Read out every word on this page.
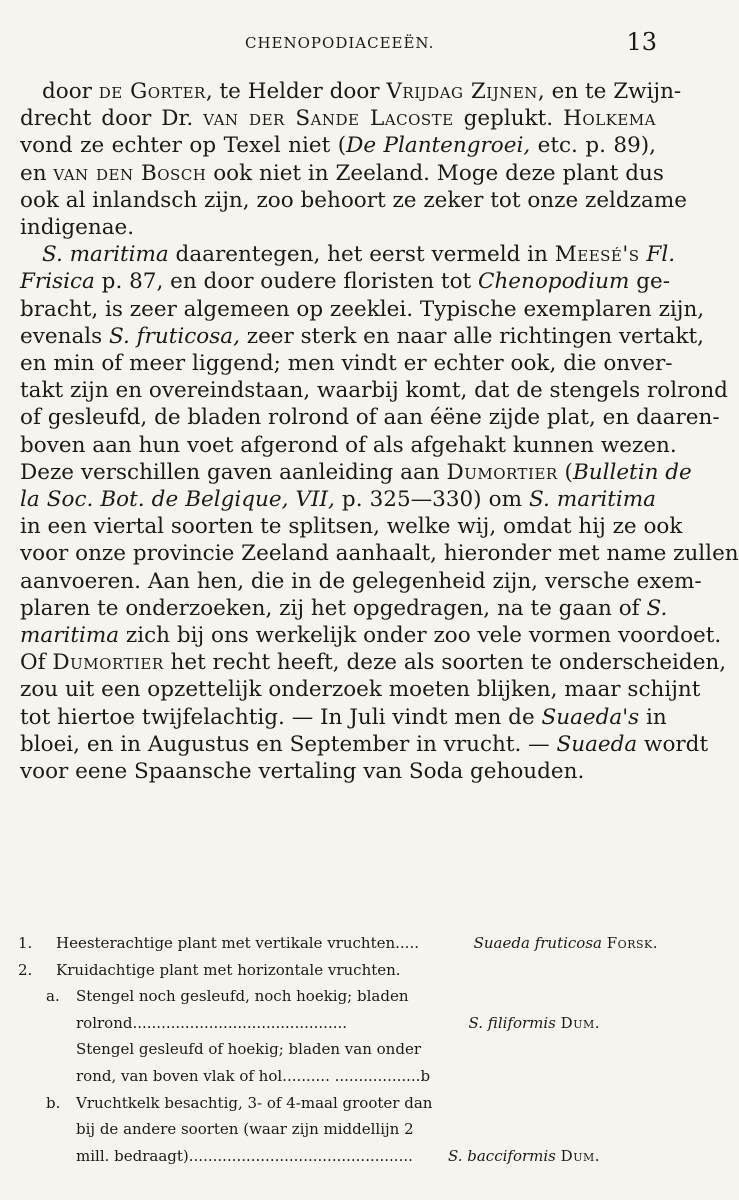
CHENOPODIACEEËN.	13
door de Gorter, te Helder door Vrijdag Zijnen, en te Zwijn-
drecht door Dr. van der Sande Lacoste geplukt. Holkema
vond ze echter op Texel niet (De Plantengroei, etc. p. 89),
en van den Bosch ook niet in Zeeland. Moge deze plant dus
ook al inlandsch zijn, zoo behoort ze zeker tot onze zeldzame
indigenae.
S. maritima daarentegen, het eerst vermeld in Meesé's Fl.
Frisica p. 87, en door oudere floristen tot Chenopodium ge-
bracht, is zeer algemeen op zeeklei. Typische exemplaren zijn,
evenals S. fruticosa, zeer sterk en naar alle richtingen vertakt,
en min of meer liggend; men vindt er echter ook, die onver-
takt zijn en overeindstaan, waarbij komt, dat de stengels rolrond
of gesleufd, de bladen rolrond of aan éëne zijde plat, en daaren-
boven aan hun voet afgerond of als afgehakt kunnen wezen.
Deze verschillen gaven aanleiding aan Dumortier (Bulletin de
la Soc. Bot. de Belgique, VII, p. 325—330) om S. maritima
in een viertal soorten te splitsen, welke wij, omdat hij ze ook
voor onze provincie Zeeland aanhaalt, hieronder met name zullen
aanvoeren. Aan hen, die in de gelegenheid zijn, versche exem-
plaren te onderzoeken, zij het opgedragen, na te gaan of S.
maritima zich bij ons werkelijk onder zoo vele vormen voordoet.
Of Dumortier het recht heeft, deze als soorten te onderscheiden,
zou uit een opzettelijk onderzoek moeten blijken, maar schijnt
tot hiertoe twijfelachtig. — In Juli vindt men de Suaeda's in
bloei, en in Augustus en September in vrucht. — Suaeda wordt
voor eene Spaansche vertaling van Soda gehouden.
1. Heesterachtige plant met vertikale vruchten.....	Suaeda fruticosa Forsk.
2. Kruidachtige plant met horizontale vruchten.
a. Stengel noch gesleufd, noch hoekig; bladen
rolrond.............................................	S. filiformis Dum.
Stengel gesleufd of hoekig; bladen van onder
rond, van boven vlak of hol.......... ..................b
b. Vruchtkelk besachtig, 3- of 4-maal grooter dan
bij de andere soorten (waar zijn middellijn 2
mill. bedraagt)............................................... S. bacciformis Dum.
